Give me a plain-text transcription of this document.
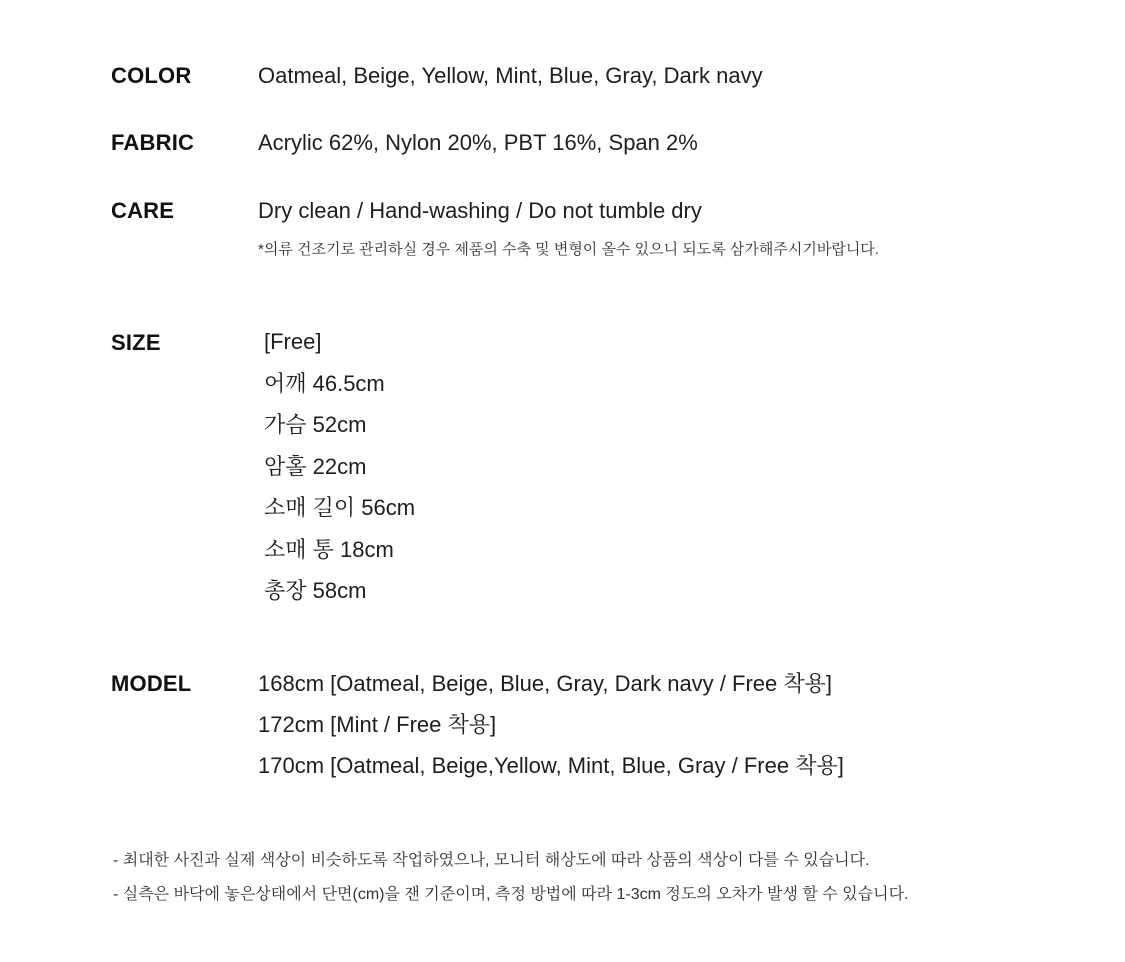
COLOR	Oatmeal, Beige, Yellow, Mint, Blue, Gray, Dark navy
FABRIC	Acrylic 62%, Nylon 20%, PBT 16%, Span 2%
CARE	Dry clean / Hand-washing / Do not tumble dry
*의류 건조기로 관리하실 경우 제품의 수축 및 변형이 올수 있으니 되도록 삼가해주시기바랍니다.
SIZE	[Free]
어깨 46.5cm
가슴 52cm
암홀 22cm
소매 길이 56cm
소매 통 18cm
총장 58cm
MODEL	168cm [Oatmeal, Beige, Blue, Gray, Dark navy / Free 착용]
172cm [Mint / Free 착용]
170cm [Oatmeal, Beige,Yellow, Mint, Blue, Gray / Free 착용]
- 최대한 사진과 실제 색상이 비슷하도록 작업하였으나, 모니터 해상도에 따라 상품의 색상이 다를 수 있습니다.
- 실측은 바닥에 놓은상태에서 단면(cm)을 잰 기준이며, 측정 방법에 따라 1-3cm 정도의 오차가 발생 할 수 있습니다.
